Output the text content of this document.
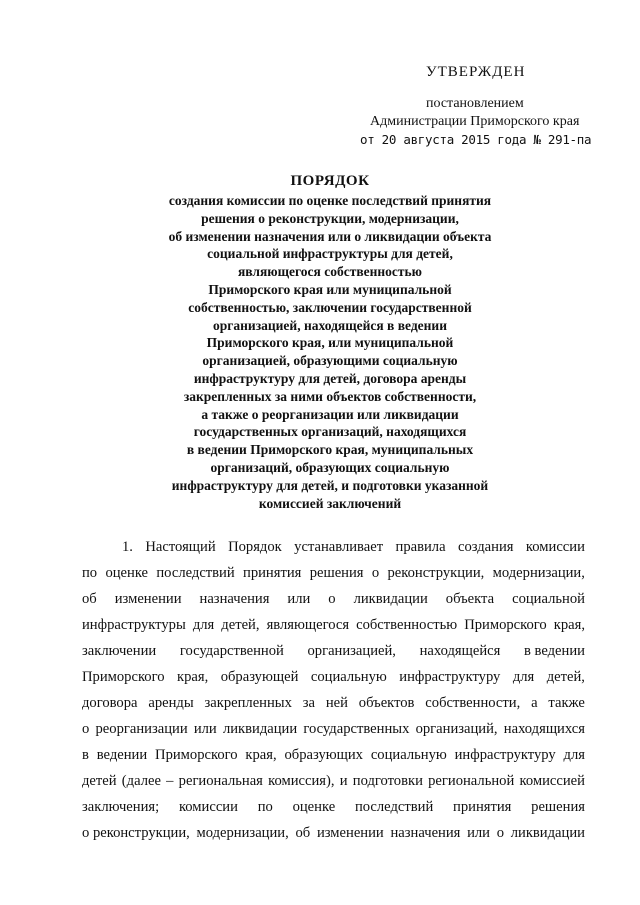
УТВЕРЖДЕН
постановлением
Администрации Приморского края
от 20 августа 2015 года № 291-па
ПОРЯДОК
создания комиссии по оценке последствий принятия
решения о реконструкции, модернизации,
об изменении назначения или о ликвидации объекта
социальной инфраструктуры для детей,
являющегося собственностью
Приморского края или муниципальной
собственностью, заключении государственной
организацией, находящейся в ведении
Приморского края, или муниципальной
организацией, образующими социальную
инфраструктуру для детей, договора аренды
закрепленных за ними объектов собственности,
а также о реорганизации или ликвидации
государственных организаций, находящихся
в ведении Приморского края, муниципальных
организаций, образующих социальную
инфраструктуру для детей, и подготовки указанной
комиссией заключений
1. Настоящий Порядок устанавливает правила создания комиссии
по оценке последствий принятия решения о реконструкции, модернизации,
об изменении назначения или о ликвидации объекта социальной
инфраструктуры для детей, являющегося собственностью Приморского края,
заключении государственной организацией, находящейся в ведении
Приморского края, образующей социальную инфраструктуру для детей,
договора аренды закрепленных за ней объектов собственности, а также
о реорганизации или ликвидации государственных организаций, находящихся
в ведении Приморского края, образующих социальную инфраструктуру для
детей (далее – региональная комиссия), и подготовки региональной комиссией
заключения; комиссии по оценке последствий принятия решения
о реконструкции, модернизации, об изменении назначения или о ликвидации
